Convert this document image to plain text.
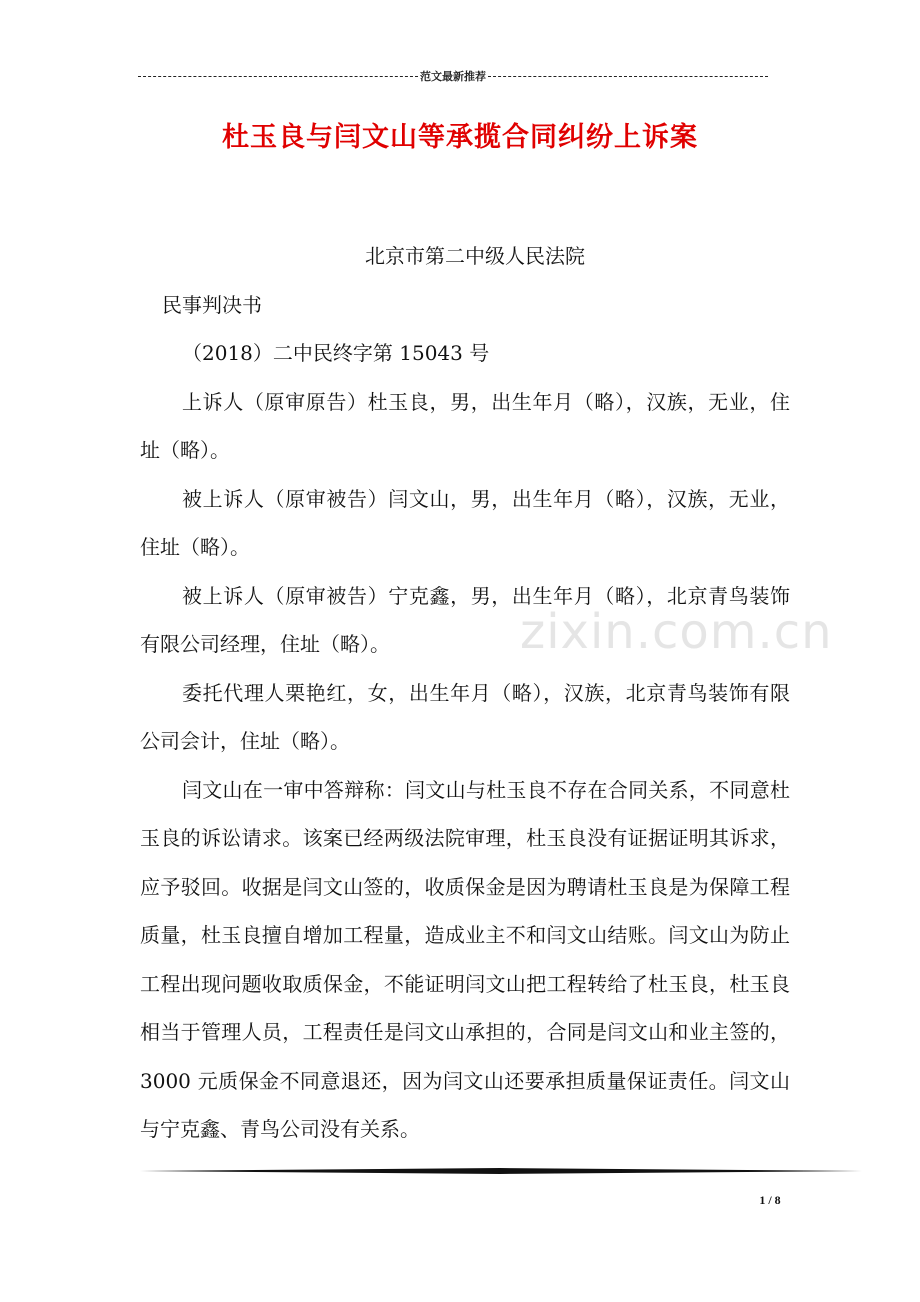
范文最新推荐
杜玉良与闫文山等承揽合同纠纷上诉案
zixin.com.cn
北京市第二中级人民法院

民事判决书

（2018）二中民终字第 15043 号

上诉人（原审原告）杜玉良，男，出生年月（略），汉族，无业，住址（略）。

被上诉人（原审被告）闫文山，男，出生年月（略），汉族，无业，住址（略）。

被上诉人（原审被告）宁克鑫，男，出生年月（略），北京青鸟装饰有限公司经理，住址（略）。

委托代理人栗艳红，女，出生年月（略），汉族，北京青鸟装饰有限公司会计，住址（略）。

闫文山在一审中答辩称：闫文山与杜玉良不存在合同关系，不同意杜玉良的诉讼请求。该案已经两级法院审理，杜玉良没有证据证明其诉求，应予驳回。收据是闫文山签的，收质保金是因为聘请杜玉良是为保障工程质量，杜玉良擅自增加工程量，造成业主不和闫文山结账。闫文山为防止工程出现问题收取质保金，不能证明闫文山把工程转给了杜玉良，杜玉良相当于管理人员，工程责任是闫文山承担的，合同是闫文山和业主签的，3000 元质保金不同意退还，因为闫文山还要承担质量保证责任。闫文山与宁克鑫、青鸟公司没有关系。

1 / 8
